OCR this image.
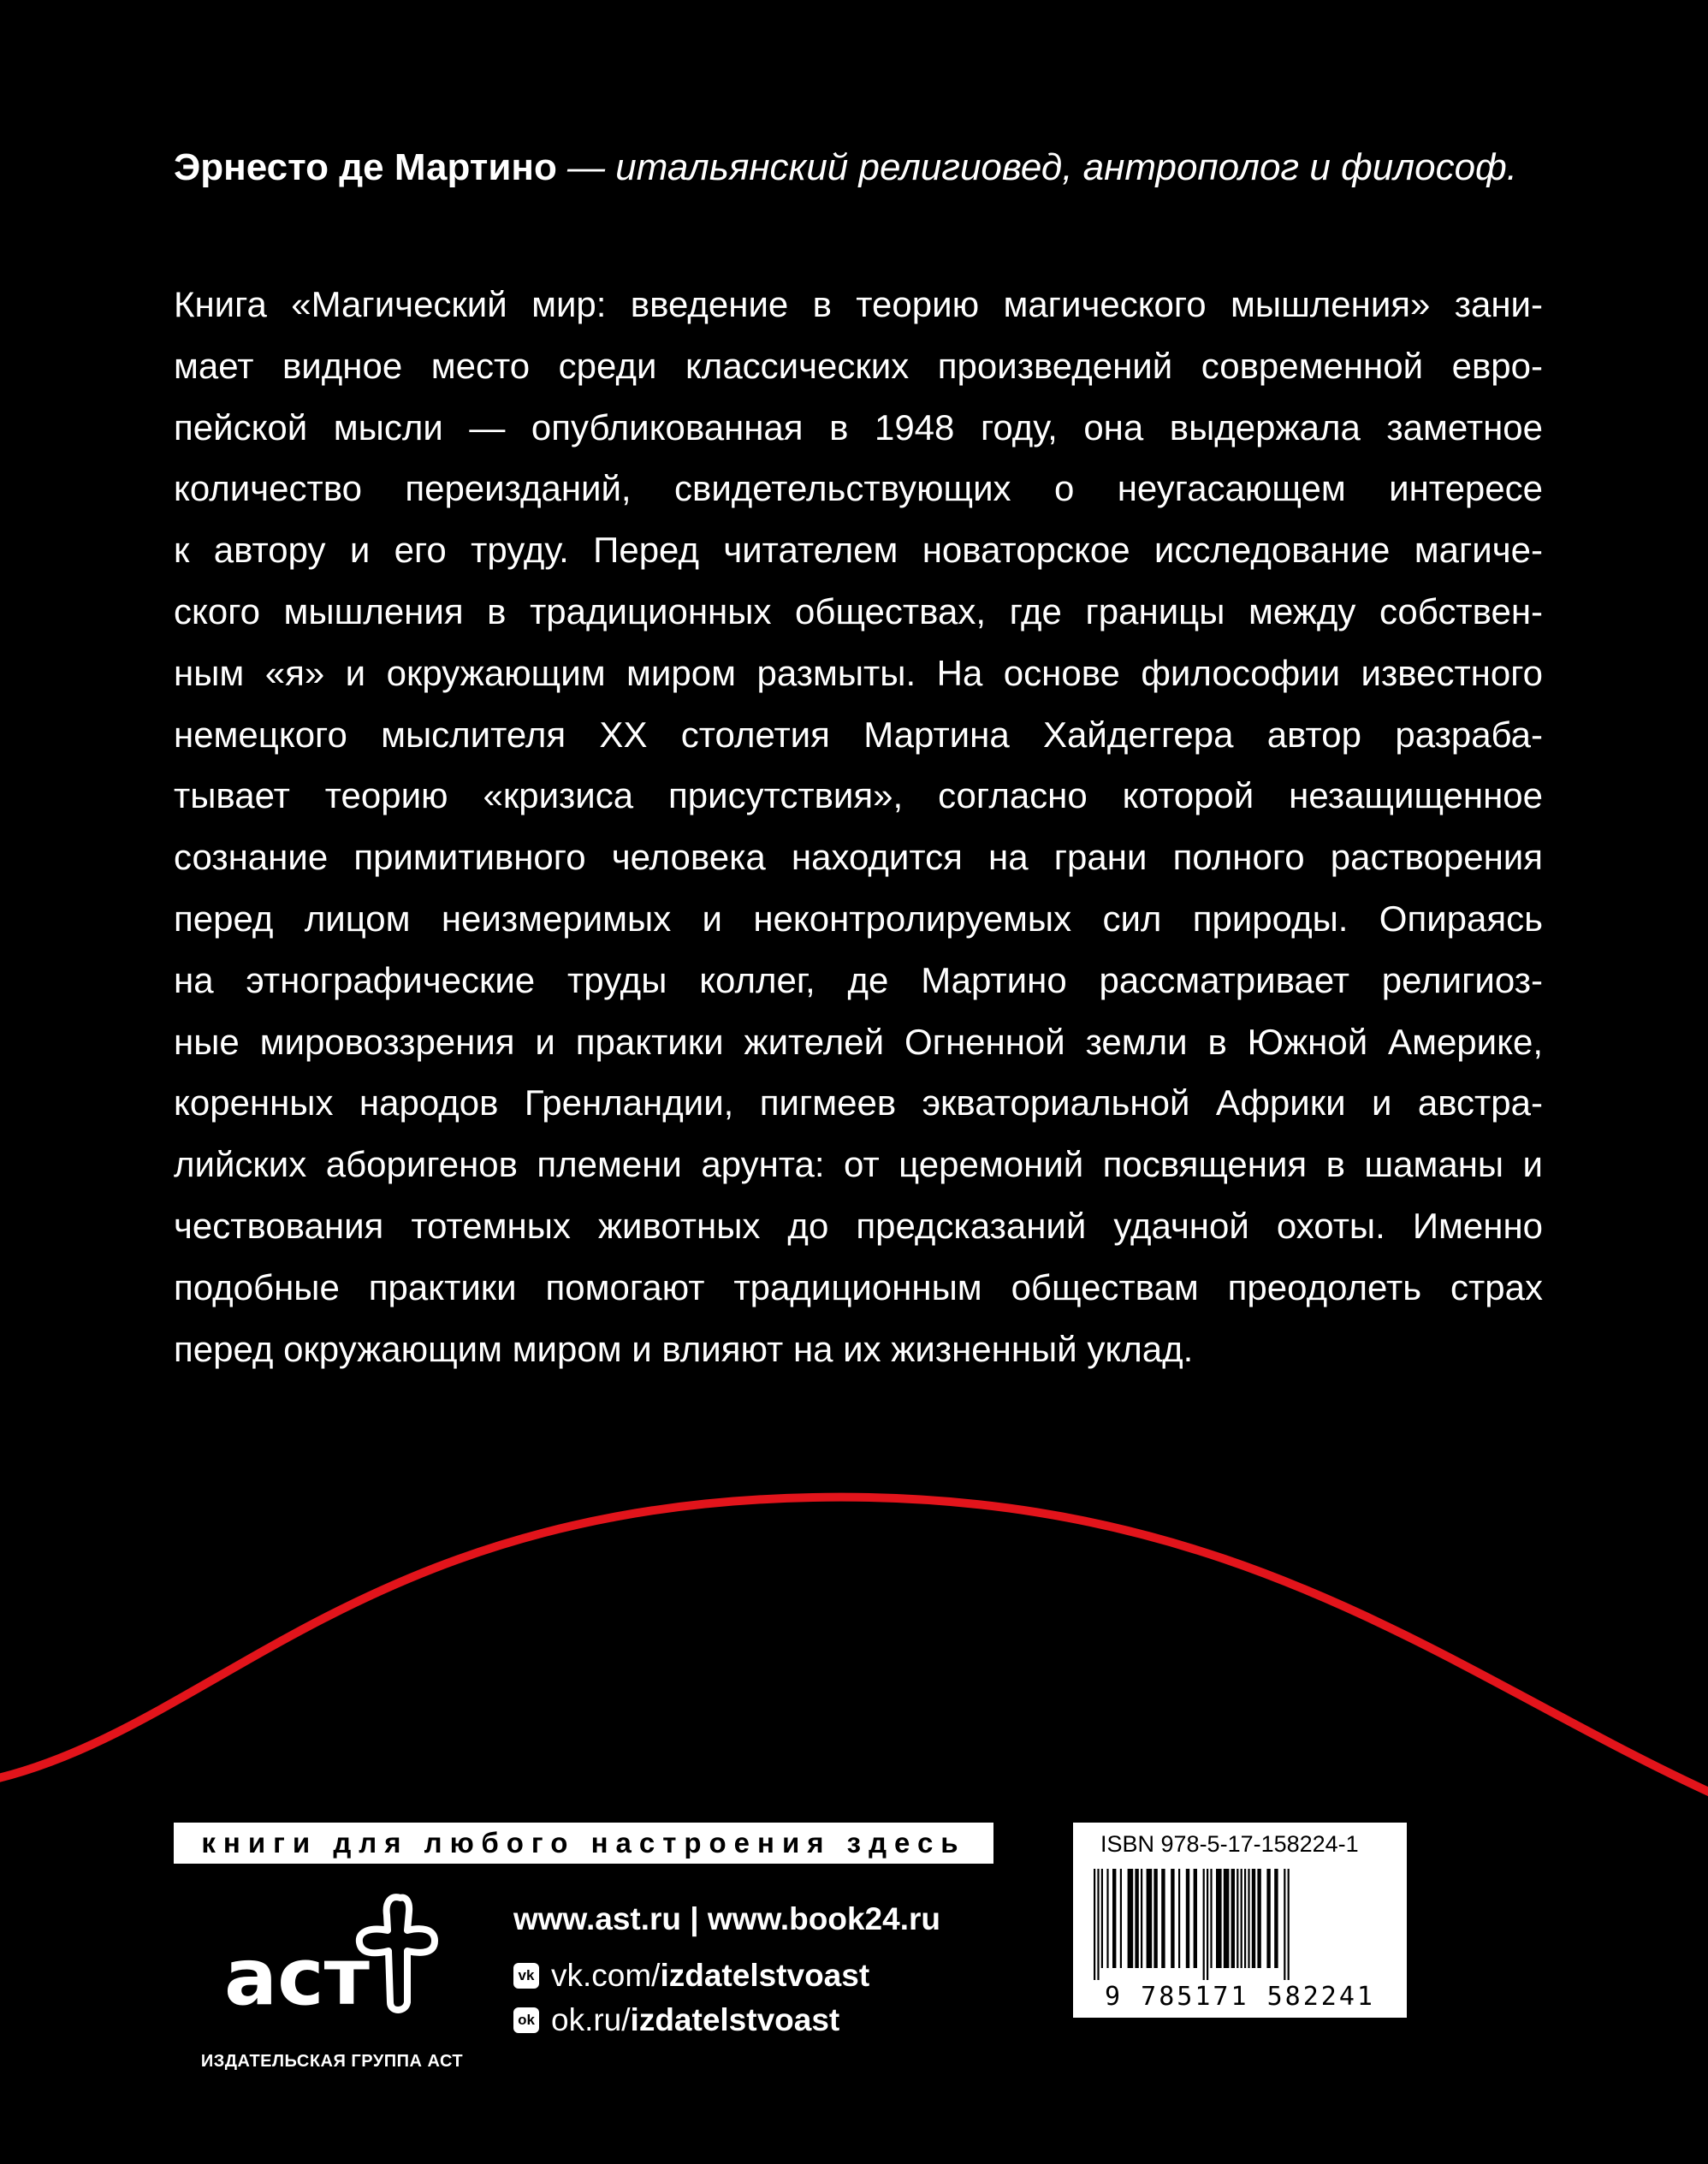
Эрнесто де Мартино — итальянский религиовед, антрополог и философ.
Книга «Магический мир: введение в теорию магического мышления» зани-
мает видное место среди классических произведений современной евро-
пейской мысли — опубликованная в 1948 году, она выдержала заметное
количество переизданий, свидетельствующих о неугасающем интересе
к автору и его труду. Перед читателем новаторское исследование магиче-
ского мышления в традиционных обществах, где границы между собствен-
ным «я» и окружающим миром размыты. На основе философии известного
немецкого мыслителя XX столетия Мартина Хайдеггера автор разраба-
тывает теорию «кризиса присутствия», согласно которой незащищенное
сознание примитивного человека находится на грани полного растворения
перед лицом неизмеримых и неконтролируемых сил природы. Опираясь
на этнографические труды коллег, де Мартино рассматривает религиоз-
ные мировоззрения и практики жителей Огненной земли в Южной Америке,
коренных народов Гренландии, пигмеев экваториальной Африки и австра-
лийских аборигенов племени арунта: от церемоний посвящения в шаманы и
чествования тотемных животных до предсказаний удачной охоты. Именно
подобные практики помогают традиционным обществам преодолеть страх
перед окружающим миром и влияют на их жизненный уклад.
книги для любого настроения здесь
аст
ИЗДАТЕЛЬСКАЯ ГРУППА АСТ
www.ast.ru | www.book24.ru
vk vk.com/ izdatelstvoast
ok ok.ru/ izdatelstvoast
ISBN 978-5-17-158224-1
9 785171 582241
